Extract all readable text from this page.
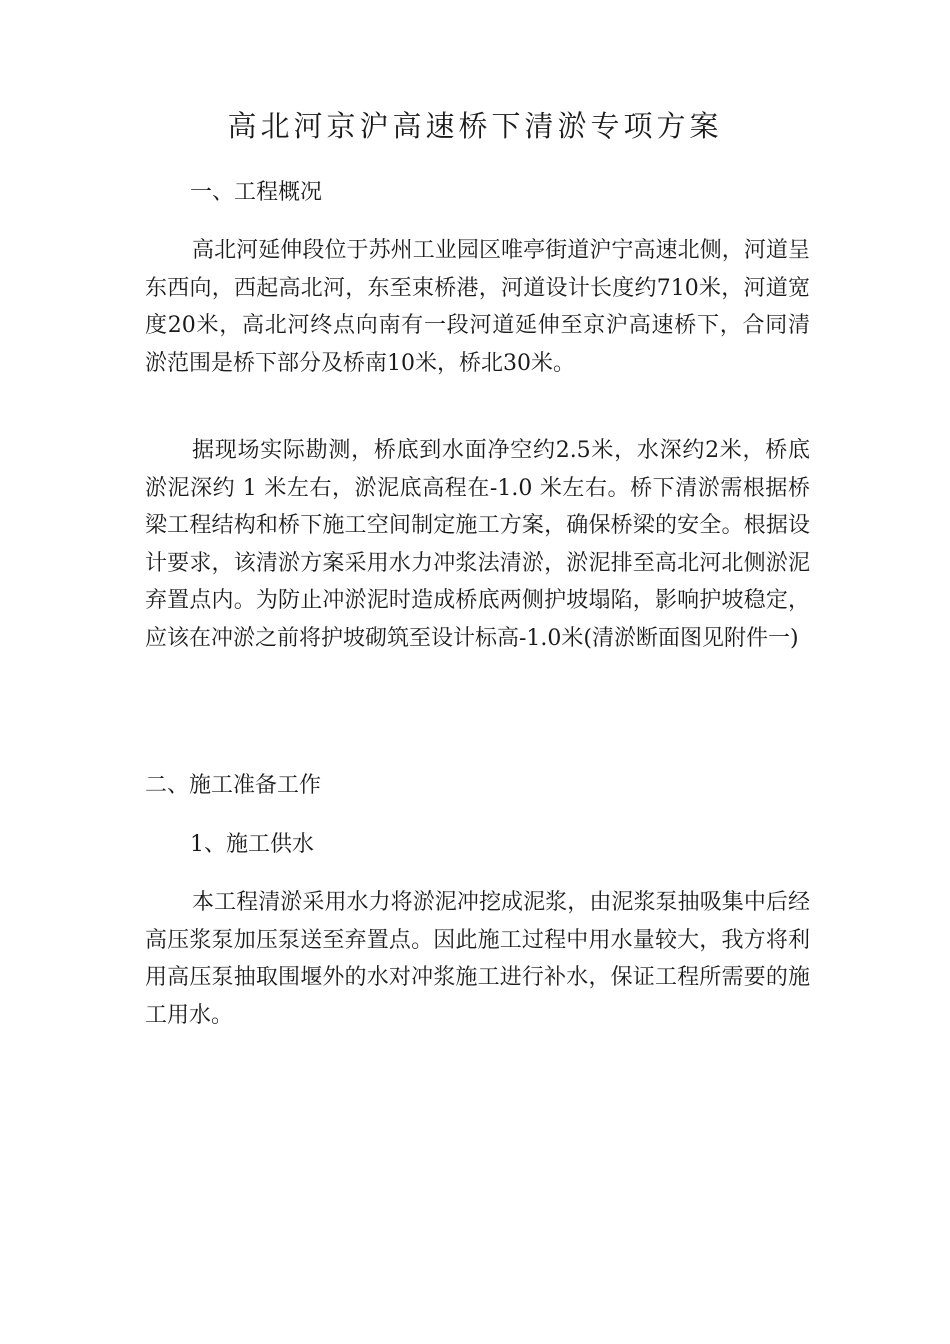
高北河京沪高速桥下清淤专项方案
一、工程概况
高北河延伸段位于苏州工业园区唯亭街道沪宁高速北侧，河道呈东西向，西起高北河，东至束桥港，河道设计长度约710米，河道宽度20米，高北河终点向南有一段河道延伸至京沪高速桥下，合同清淤范围是桥下部分及桥南10米，桥北30米。
据现场实际勘测，桥底到水面净空约2.5米，水深约2米，桥底淤泥深约 1 米左右，淤泥底高程在-1.0 米左右。桥下清淤需根据桥梁工程结构和桥下施工空间制定施工方案，确保桥梁的安全。根据设计要求，该清淤方案采用水力冲浆法清淤，淤泥排至高北河北侧淤泥弃置点内。为防止冲淤泥时造成桥底两侧护坡塌陷，影响护坡稳定，应该在冲淤之前将护坡砌筑至设计标高-1.0米(清淤断面图见附件一)
二、施工准备工作
1、施工供水
本工程清淤采用水力将淤泥冲挖成泥浆，由泥浆泵抽吸集中后经高压浆泵加压泵送至弃置点。因此施工过程中用水量较大，我方将利用高压泵抽取围堰外的水对冲浆施工进行补水，保证工程所需要的施工用水。
